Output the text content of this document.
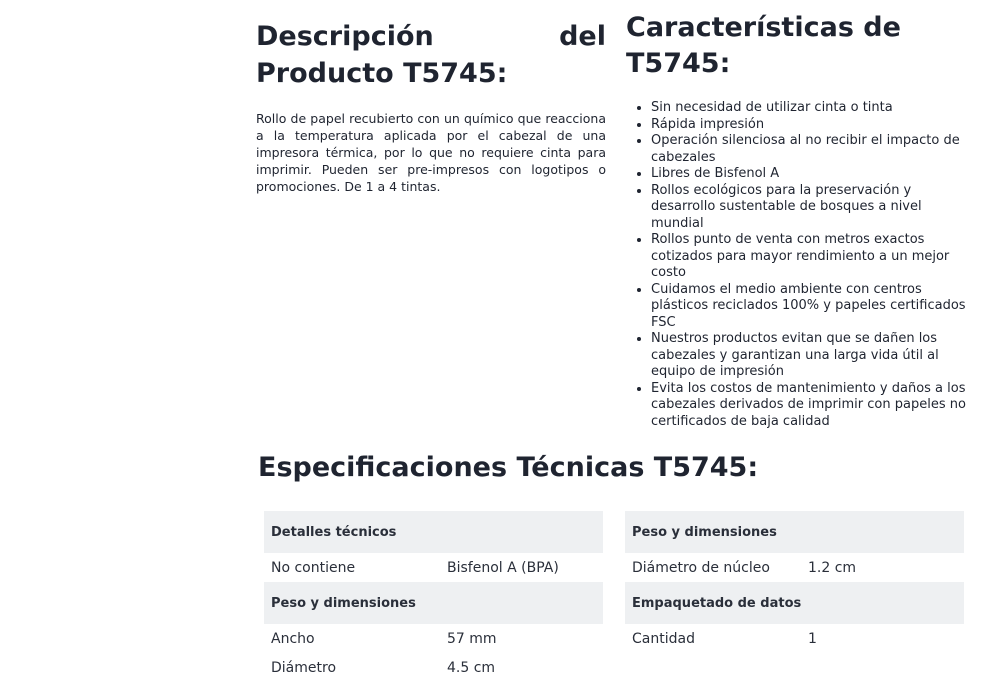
Descripción del Producto T5745:

Rollo de papel recubierto con un químico que reacciona a la temperatura aplicada por el cabezal de una impresora térmica, por lo que no requiere cinta para imprimir. Pueden ser pre-impresos con logotipos o promociones. De 1 a 4 tintas.

Características de T5745:
• Sin necesidad de utilizar cinta o tinta
• Rápida impresión
• Operación silenciosa al no recibir el impacto de cabezales
• Libres de Bisfenol A
• Rollos ecológicos para la preservación y desarrollo sustentable de bosques a nivel mundial
• Rollos punto de venta con metros exactos cotizados para mayor rendimiento a un mejor costo
• Cuidamos el medio ambiente con centros plásticos reciclados 100% y papeles certificados FSC
• Nuestros productos evitan que se dañen los cabezales y garantizan una larga vida útil al equipo de impresión
• Evita los costos de mantenimiento y daños a los cabezales derivados de imprimir con papeles no certificados de baja calidad
Especificaciones Técnicas T5745:
Detalles técnicos
No contiene	Bisfenol A (BPA)
Peso y dimensiones
Ancho	57 mm
Diámetro	4.5 cm
Peso y dimensiones
Diámetro de núcleo	1.2 cm
Empaquetado de datos
Cantidad	1
